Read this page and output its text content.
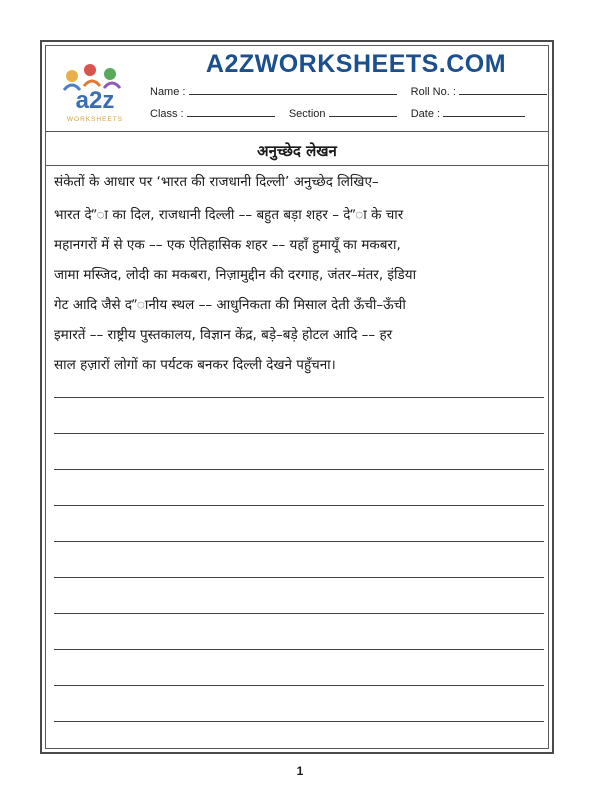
a2z
WORKSHEETS
A2ZWORKSHEETS.COM
Name :	Roll No. :
Class :	Section	Date :
अनुच्छेद लेखन
संकेतों के आधार पर ‘भारत की राजधानी दिल्ली’ अनुच्छेद लिखिए–
भारत दे”ा का दिल, राजधानी दिल्ली –– बहुत बड़ा शहर – दे”ा के चार
महानगरों में से एक –– एक ऐतिहासिक शहर –– यहाँ हुमायूँ का मकबरा,
जामा मस्जिद, लोदी का मकबरा, निज़ामुद्दीन की दरगाह, जंतर–मंतर, इंडिया
गेट आदि जैसे द”ानीय स्थल –– आधुनिकता की मिसाल देती ऊँची–ऊँची
इमारतें –– राष्ट्रीय पुस्तकालय, विज्ञान केंद्र, बड़े–बड़े होटल आदि –– हर
साल हज़ारों लोगों का पर्यटक बनकर दिल्ली देखने पहुँचना।
1
